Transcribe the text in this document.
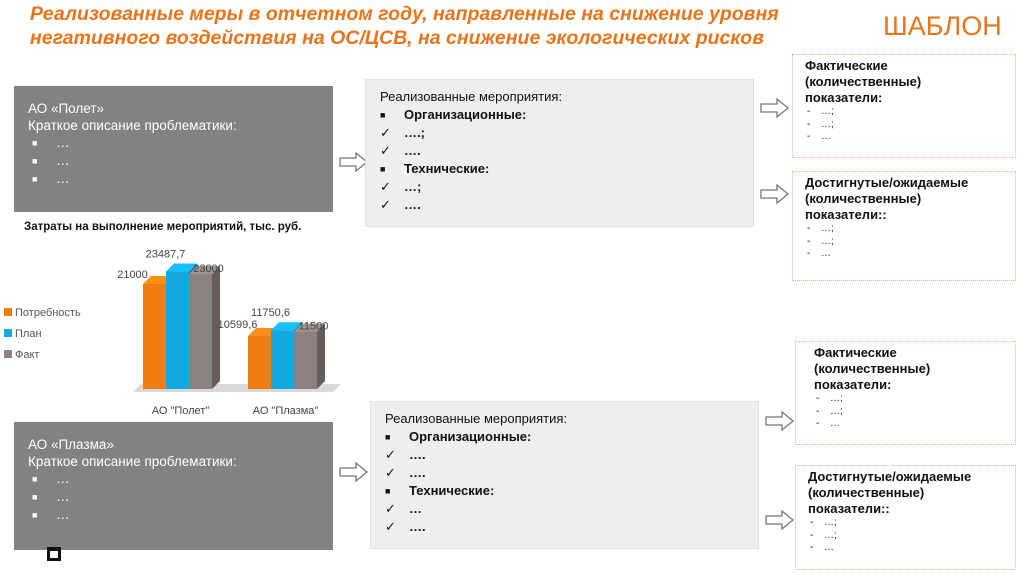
Реализованные меры в отчетном году, направленные на снижение уровня
негативного воздействия на ОС/ЦСВ, на снижение экологических рисков	ШАБЛОН
АО «Полет»
Краткое описание проблематики:
■ …
■ …
■ …
Реализованные мероприятия:
■ Организационные:
✓ ….;
✓ ….
■ Технические:
✓ …;
✓ ….
Фактические
(количественные)
показатели:
- …;
- …;
- …
Достигнутые/ожидаемые
(количественные)
показатели::
- …;
- …;
- …
Затраты на выполнение мероприятий, тыс. руб.
Потребность
План
Факт
21000
23487,7
23000
АО "Полет"
10599,6
11750,6
11500
АО "Плазма"
АО «Плазма»
Краткое описание проблематики:
■ …
■ …
■ …
Реализованные мероприятия:
■ Организационные:
✓ ….
✓ ….
■ Технические:
✓ …
✓ ….
Фактические
(количественные)
показатели:
- …;
- …;
- …
Достигнутые/ожидаемые
(количественные)
показатели::
- …;
- …;
- …
